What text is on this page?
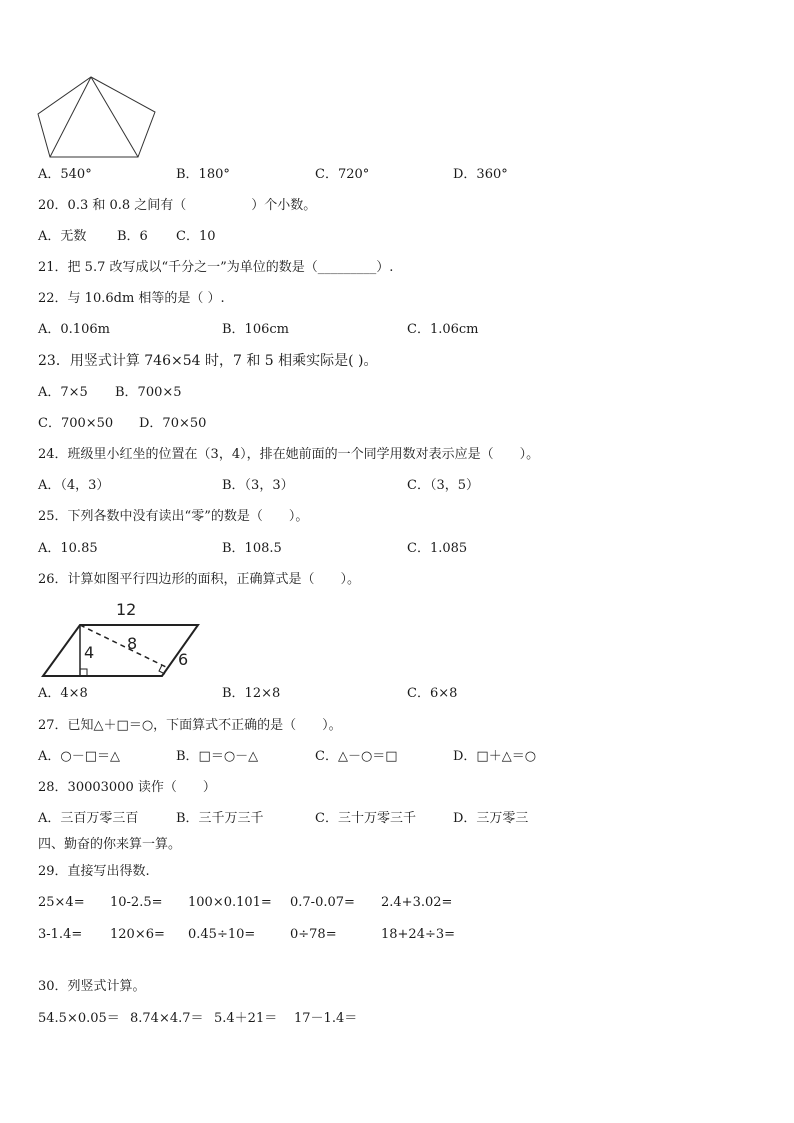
A．540°	B．180°	C．720°	D．360°
20．0.3 和 0.8 之间有（　　　　　）个小数。
A．无数 B．6 C．10
21．把 5.7 改写成以“千分之一”为单位的数是（_________）.
22．与 10.6dm 相等的是（ ）.
A．0.106m	B．106cm	C．1.06cm
23．用竖式计算 746×54 时，7 和 5 相乘实际是( )。
A．7×5 B．700×5
C．700×50 D．70×50
24．班级里小红坐的位置在（3，4），排在她前面的一个同学用数对表示应是（　　）。
A．（4，3）	B．（3，3）	C．（3，5）
25．下列各数中没有读出“零”的数是（　　）。
A．10.85	B．108.5	C．1.085
26．计算如图平行四边形的面积，正确算式是（　　）。
12
4 8
6
A．4×8	B．12×8	C．6×8
27．已知△＋□＝○，下面算式不正确的是（　　）。
A．○－□＝△	B．□＝○－△	C．△－○＝□	D．□＋△＝○
28．30003000 读作（　　）
A．三百万零三百	B．三千万三千	C．三十万零三千	D．三万零三
四、勤奋的你来算一算。
29．直接写出得数.
25×4= 10-2.5= 100×0.101= 0.7-0.07= 2.4+3.02=
3-1.4= 120×6= 0.45÷10=	0÷78=	18+24÷3=
30．列竖式计算。
54.5×0.05＝ 8.74×4.7＝ 5.4＋21＝ 17－1.4＝
